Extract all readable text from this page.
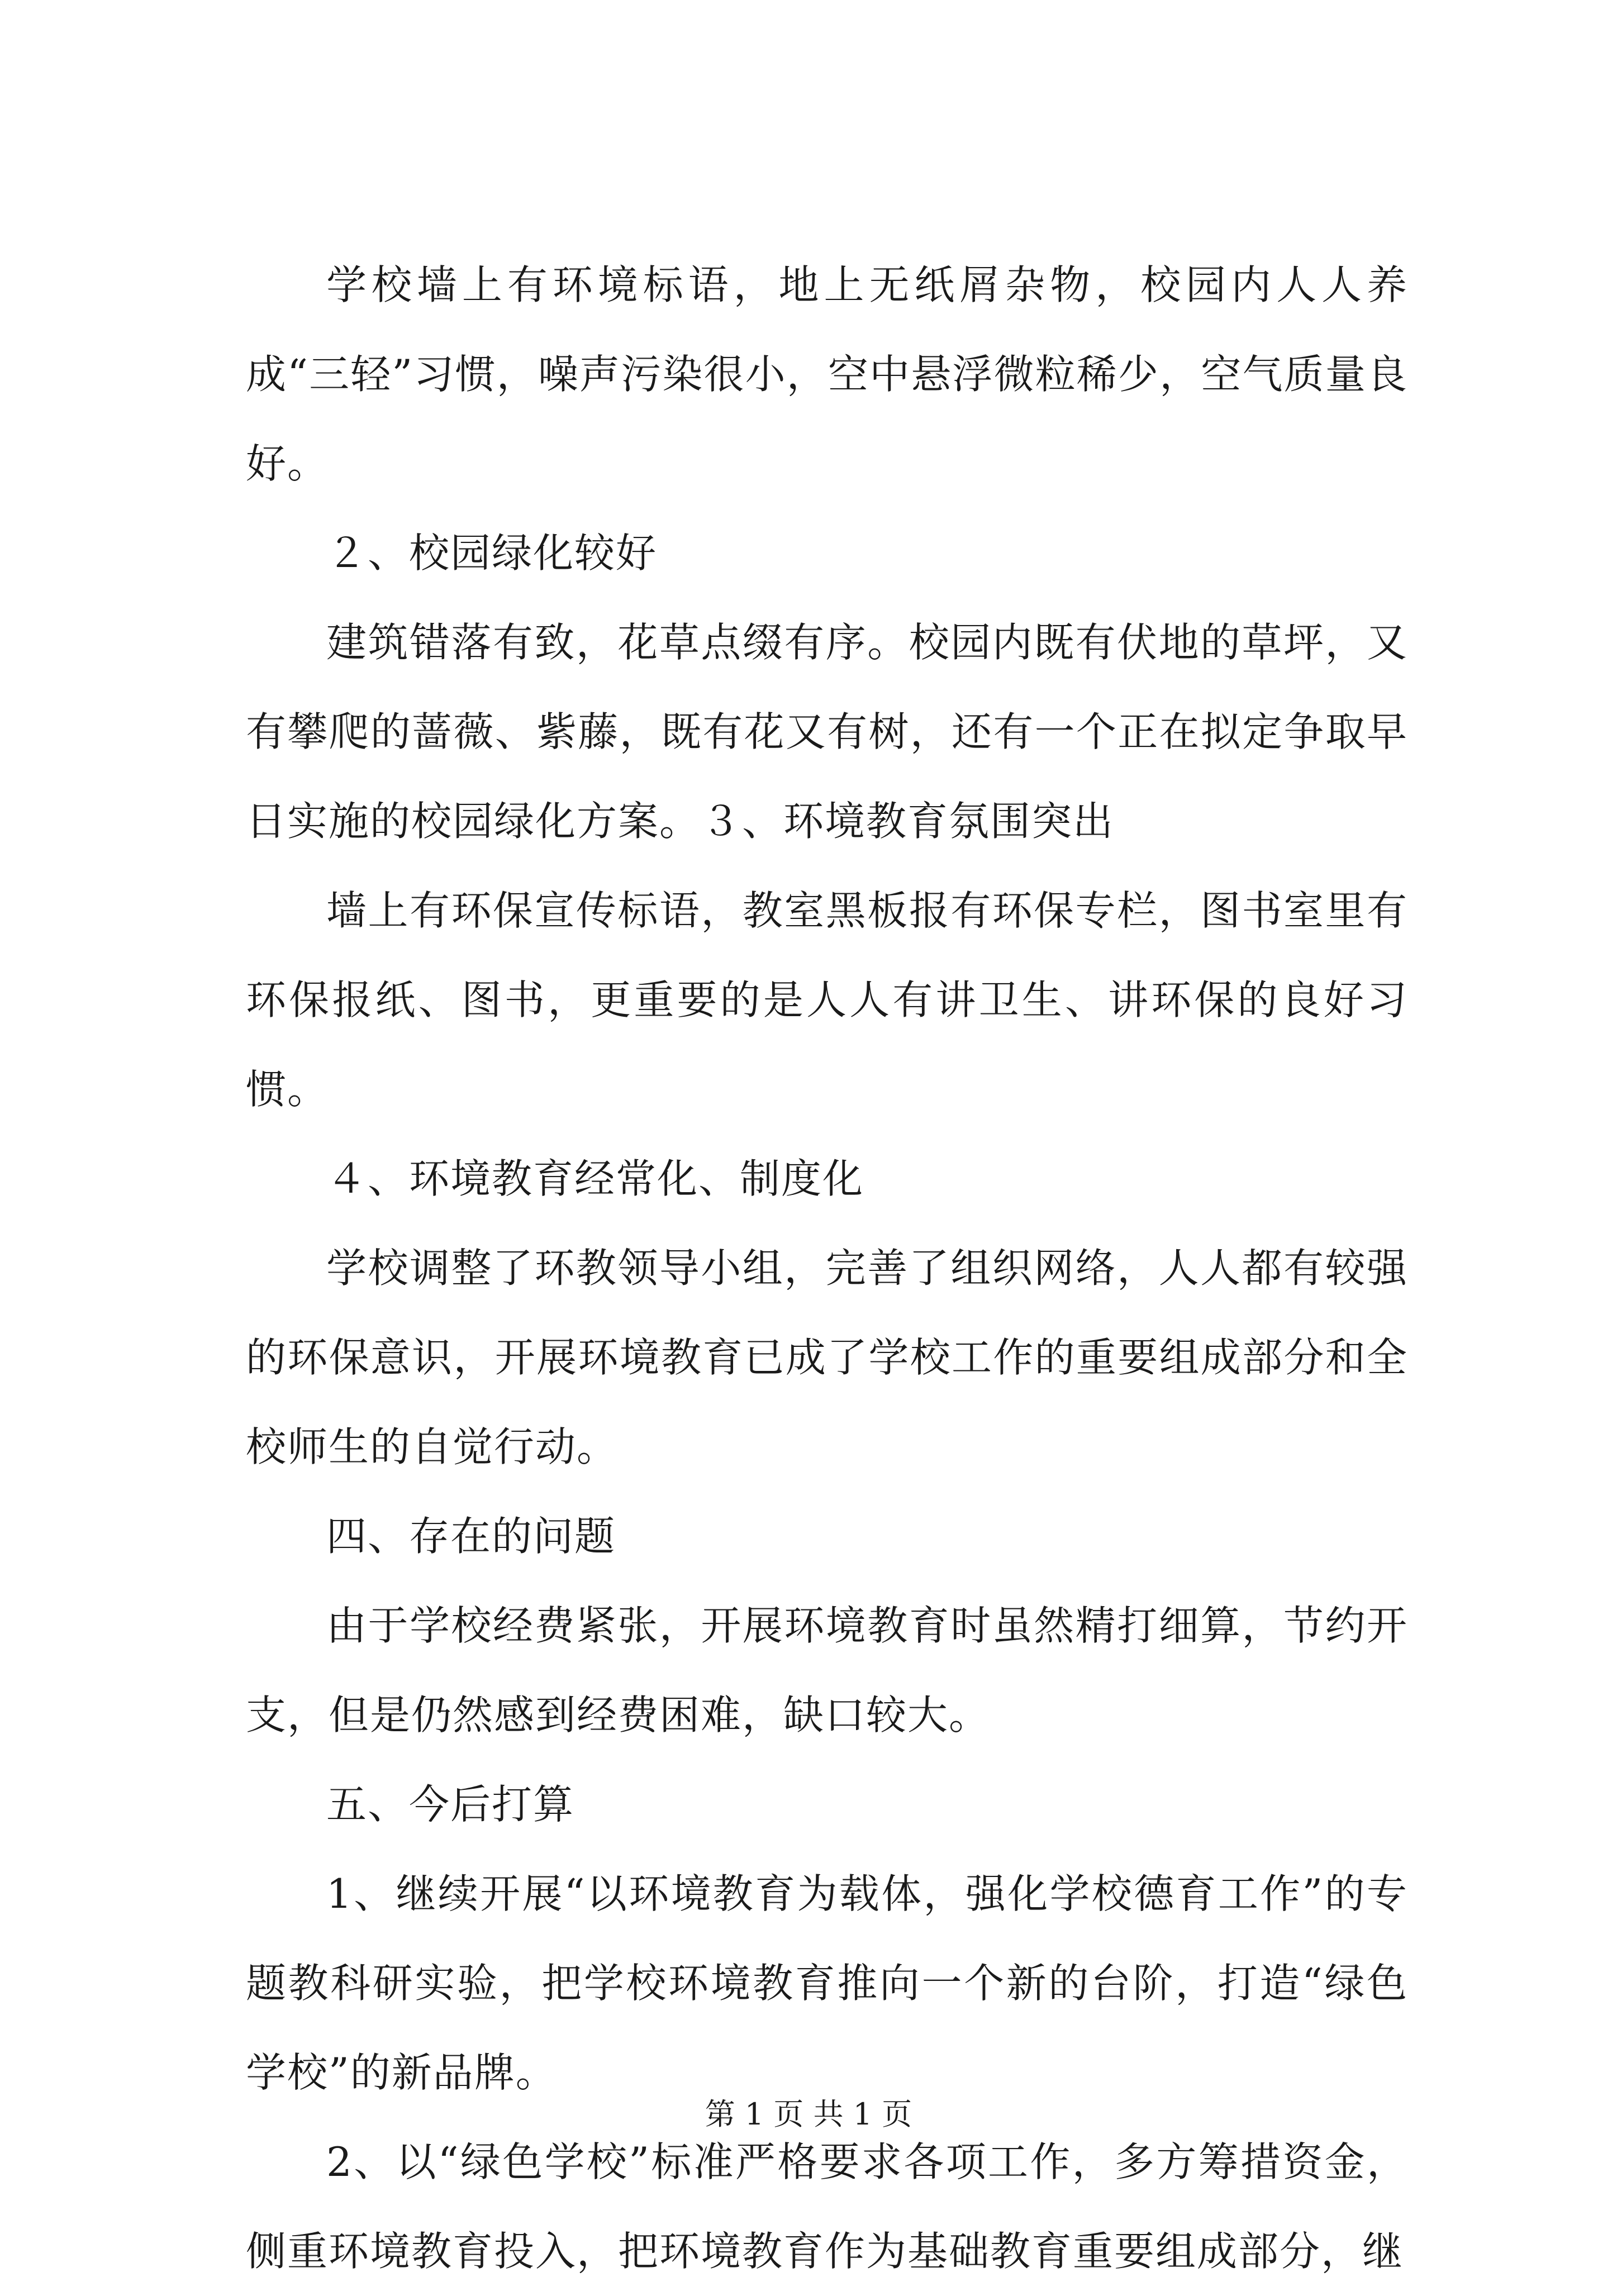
学校墙上有环境标语，地上无纸屑杂物，校园内人人养成“三轻”习惯，噪声污染很小，空中悬浮微粒稀少，空气质量良好。

２、校园绿化较好

建筑错落有致，花草点缀有序。校园内既有伏地的草坪，又有攀爬的蔷薇、紫藤，既有花又有树，还有一个正在拟定争取早日实施的校园绿化方案。３、环境教育氛围突出

墙上有环保宣传标语，教室黑板报有环保专栏，图书室里有环保报纸、图书，更重要的是人人有讲卫生、讲环保的良好习惯。

４、环境教育经常化、制度化

学校调整了环教领导小组，完善了组织网络，人人都有较强的环保意识，开展环境教育已成了学校工作的重要组成部分和全校师生的自觉行动。

四、存在的问题

由于学校经费紧张，开展环境教育时虽然精打细算，节约开支，但是仍然感到经费困难，缺口较大。

五、今后打算

1、继续开展“以环境教育为载体，强化学校德育工作”的专题教科研实验，把学校环境教育推向一个新的台阶，打造“绿色学校”的新品牌。

2、以“绿色学校”标准严格要求各项工作，多方筹措资金，侧重环境教育投入，把环境教育作为基础教育重要组成部分，继

第 1 页 共 1 页
